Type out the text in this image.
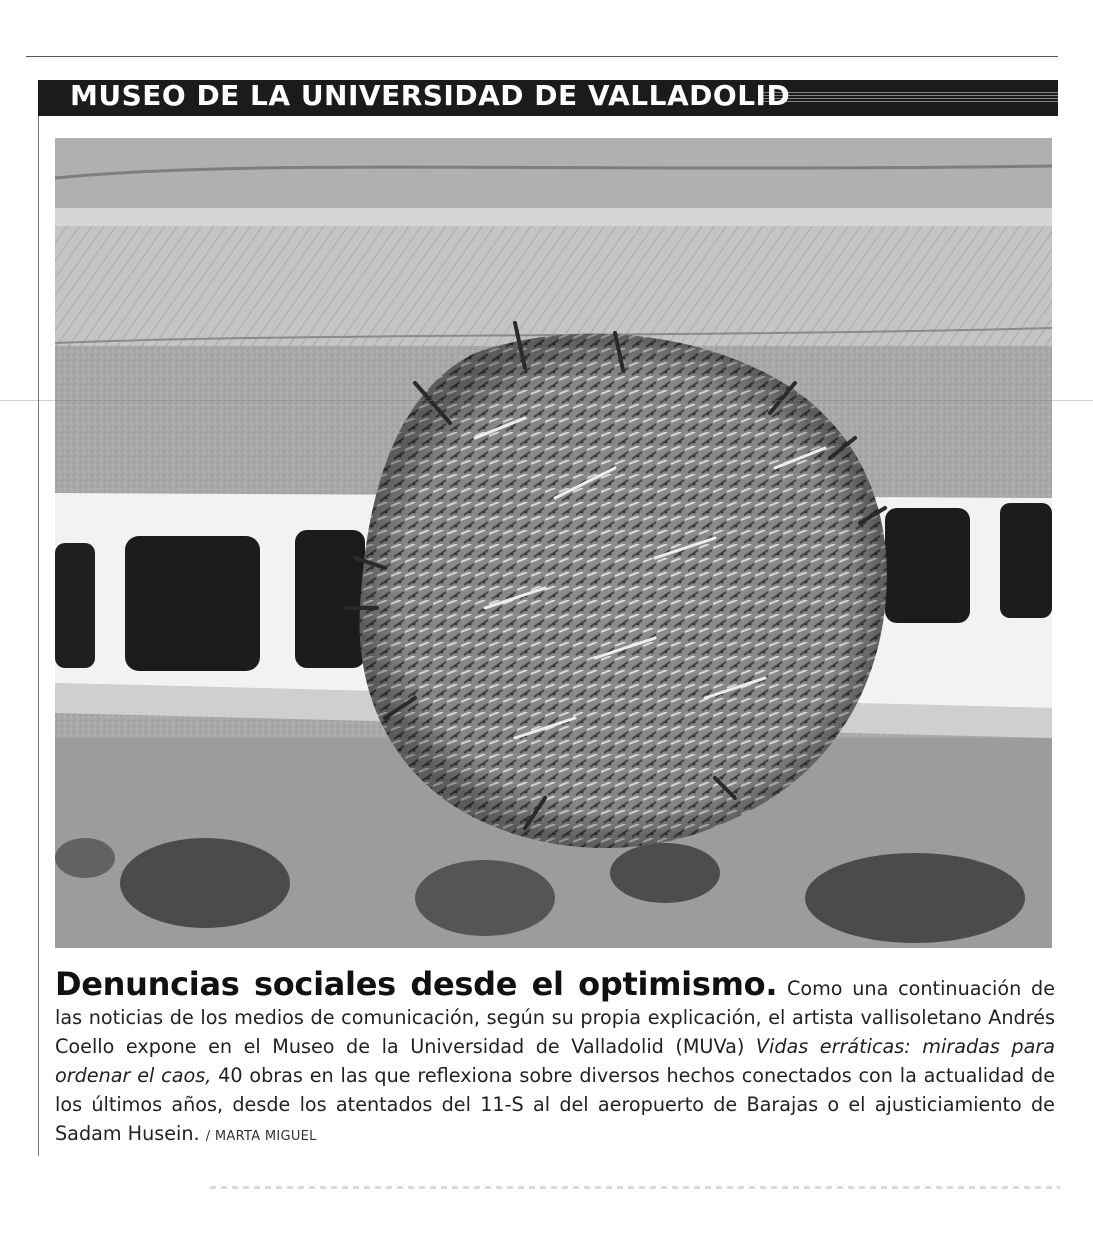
MUSEO DE LA UNIVERSIDAD DE VALLADOLID
Denuncias sociales desde el optimismo. Como una continuación de las noticias de los medios de comunicación, según su propia explicación, el artista vallisoletano Andrés Coello expone en el Museo de la Universidad de Valladolid (MUVa) Vidas erráticas: miradas para ordenar el caos, 40 obras en las que reflexiona sobre diversos hechos conectados con la actualidad de los últimos años, desde los atentados del 11-S al del aeropuerto de Barajas o el ajusticiamiento de Sadam Husein. / MARTA MIGUEL
